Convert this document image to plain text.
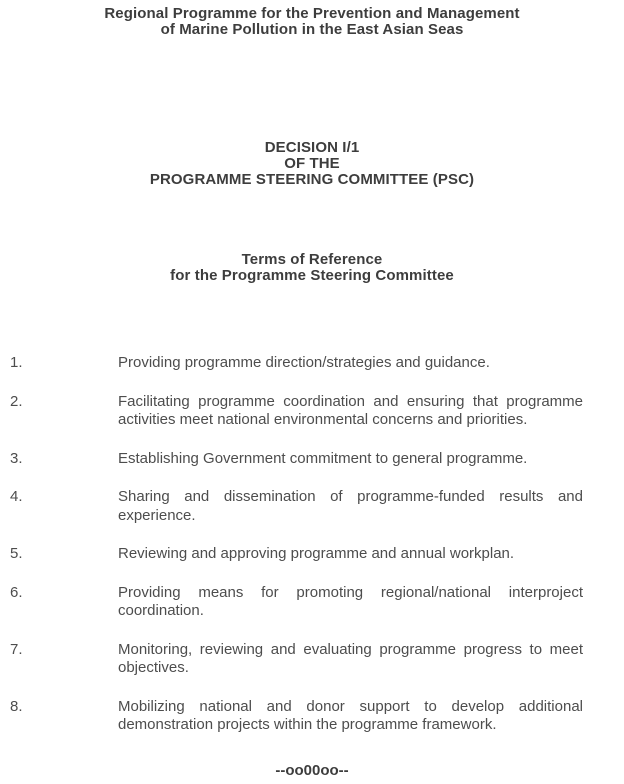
Regional Programme for the Prevention and Management
of Marine Pollution in the East Asian Seas
DECISION I/1
OF THE
PROGRAMME STEERING COMMITTEE (PSC)
Terms of Reference
for the Programme Steering Committee
1.	Providing programme direction/strategies and guidance.
2.	Facilitating programme coordination and ensuring that programme activities meet national environmental concerns and priorities.
3.	Establishing Government commitment to general programme.
4.	Sharing and dissemination of programme-funded results and experience.
5.	Reviewing and approving programme and annual workplan.
6.	Providing means for promoting regional/national interproject coordination.
7.	Monitoring, reviewing and evaluating programme progress to meet objectives.
8.	Mobilizing national and donor support to develop additional demonstration projects within the programme framework.
--oo00oo--
